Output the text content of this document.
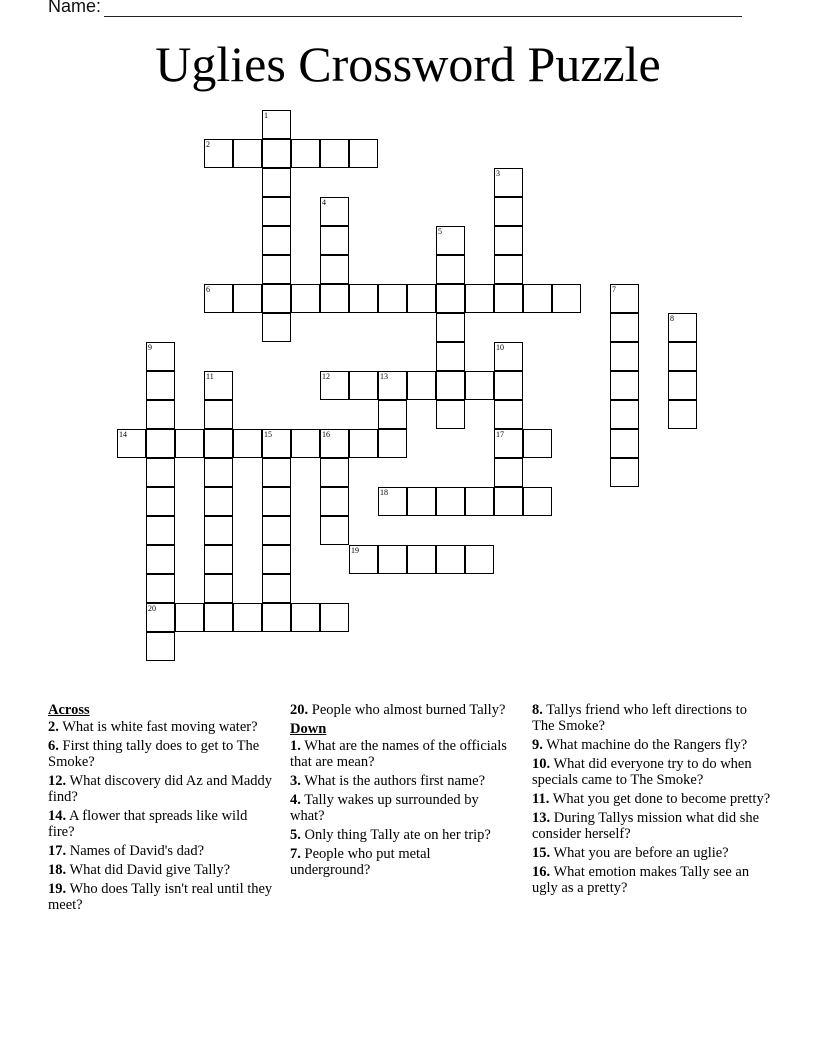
Name:
Uglies Crossword Puzzle
2
6
12	13
14	15	16	17
18
19
20
1
3
4
5
7
8
9	10
11
Across
2. What is white fast moving water?
6. First thing tally does to get to The Smoke?
12. What discovery did Az and Maddy find?
14. A flower that spreads like wild fire?
17. Names of David's dad?
18. What did David give Tally?
19. Who does Tally isn't real until they meet?
20. People who almost burned Tally?
Down
1. What are the names of the officials that are mean?
3. What is the authors first name?
4. Tally wakes up surrounded by what?
5. Only thing Tally ate on her trip?
7. People who put metal underground?
8. Tallys friend who left directions to The Smoke?
9. What machine do the Rangers fly?
10. What did everyone try to do when specials came to The Smoke?
11. What you get done to become pretty?
13. During Tallys mission what did she consider herself?
15. What you are before an uglie?
16. What emotion makes Tally see an ugly as a pretty?
